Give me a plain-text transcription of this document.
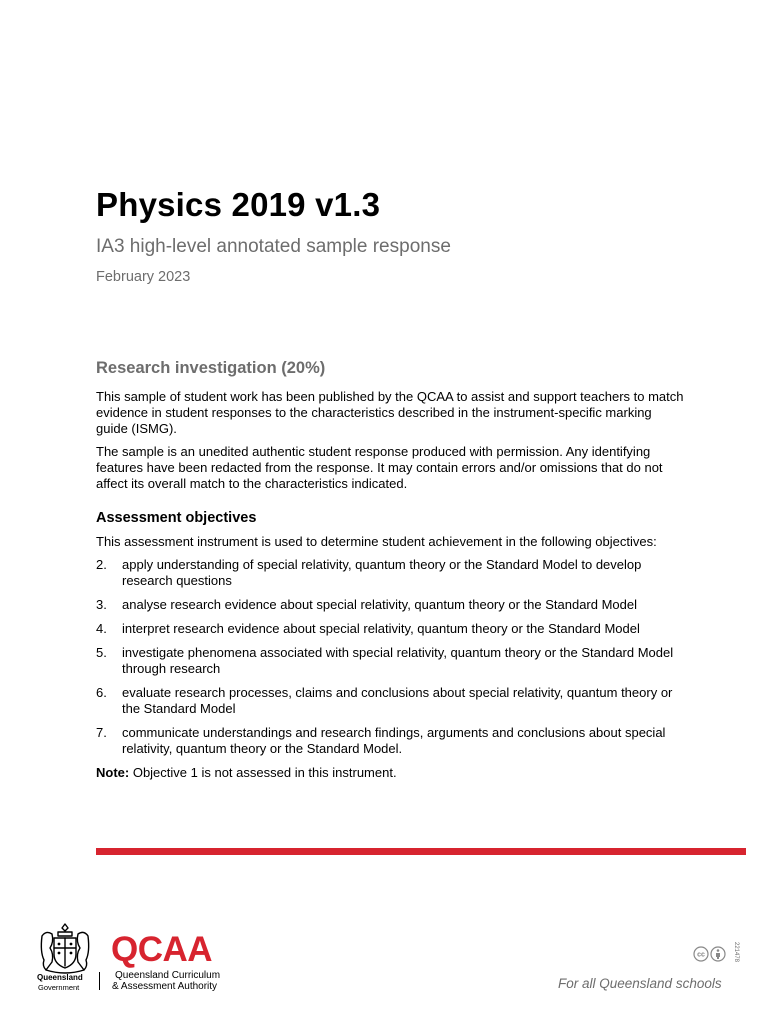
Physics 2019 v1.3

IA3 high-level annotated sample response

February 2023

Research investigation (20%)

This sample of student work has been published by the QCAA to assist and support teachers to match evidence in student responses to the characteristics described in the instrument-specific marking guide (ISMG).

The sample is an unedited authentic student response produced with permission. Any identifying features have been redacted from the response. It may contain errors and/or omissions that do not affect its overall match to the characteristics indicated.

Assessment objectives

This assessment instrument is used to determine student achievement in the following objectives:

2.	apply understanding of special relativity, quantum theory or the Standard Model to develop research questions
3.	analyse research evidence about special relativity, quantum theory or the Standard Model
4.	interpret research evidence about special relativity, quantum theory or the Standard Model
5.	investigate phenomena associated with special relativity, quantum theory or the Standard Model through research
6.	evaluate research processes, claims and conclusions about special relativity, quantum theory or the Standard Model
7.	communicate understandings and research findings, arguments and conclusions about special relativity, quantum theory or the Standard Model.

Note: Objective 1 is not assessed in this instrument.

Queensland
Government
QCAA
Queensland Curriculum
& Assessment Authority
cc	221478
For all Queensland schools
